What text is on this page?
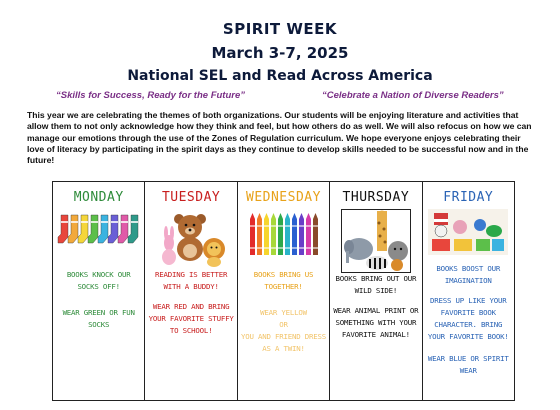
SPIRIT WEEK
March 3-7, 2025
National SEL and Read Across America
“Skills for Success, Ready for the Future”	“Celebrate a Nation of Diverse Readers”
This year we are celebrating the themes of both organizations. Our students will be enjoying literature and activities that allow them to not only acknowledge how they think and feel, but how others do as well. We will also refocus on how we can manage our emotions through the use of the Zones of Regulation curriculum. We hope everyone enjoys celebrating their love of literacy by participating in the spirit days as they continue to develop skills needed to be successful now and in the future!
MONDAY
BOOKS KNOCK OUR SOCKS OFF!
WEAR GREEN OR FUN SOCKS

TUESDAY
READING IS BETTER WITH A BUDDY!
WEAR RED AND BRING YOUR FAVORITE STUFFY TO SCHOOL!

WEDNESDAY
BOOKS BRING US TOGETHER!
WEAR YELLOW
OR
YOU AND FRIEND DRESS AS A TWIN!

THURSDAY
BOOKS BRING OUT OUR WILD SIDE!
WEAR ANIMAL PRINT OR SOMETHING WITH YOUR FAVORITE ANIMAL!

FRIDAY
BOOKS BOOST OUR IMAGINATION
DRESS UP LIKE YOUR FAVORITE BOOK CHARACTER. BRING YOUR FAVORITE BOOK!
WEAR BLUE OR SPIRIT WEAR
